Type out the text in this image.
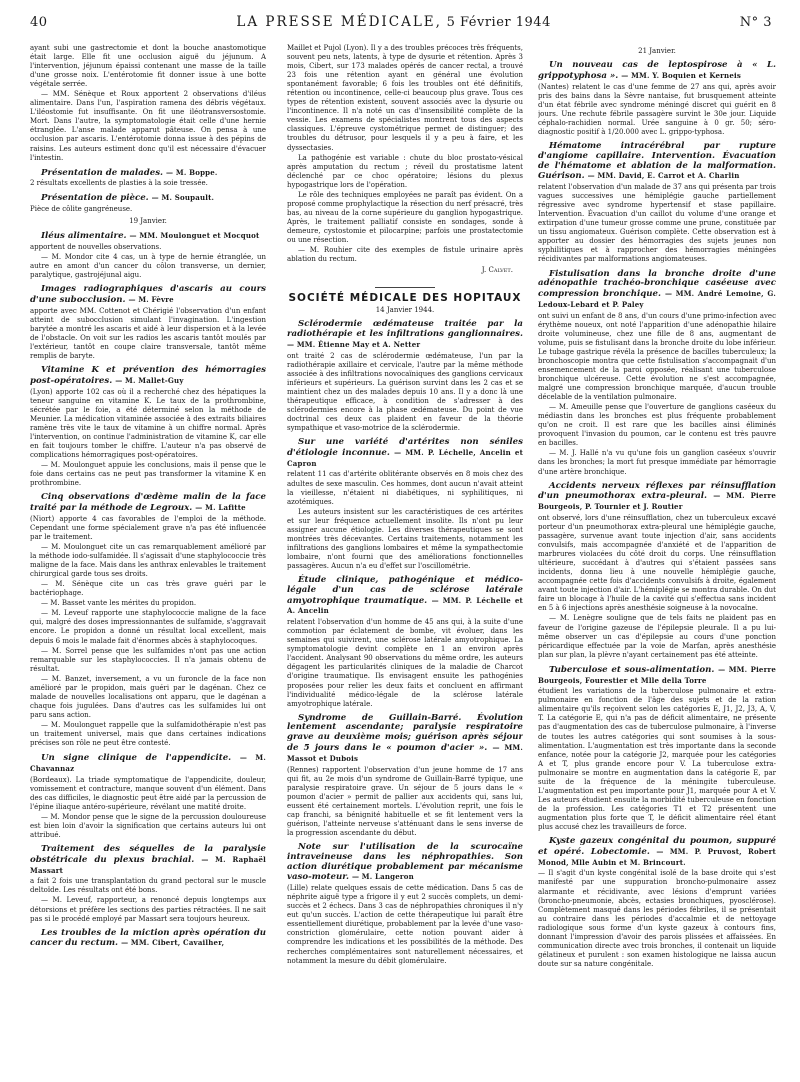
40	LA PRESSE MÉDICALE, 5 Février 1944	N° 3

ayant subi une gastrectomie et dont la bouche anastomotique était large. Elle fit une occlusion aiguë du jéjunum. A l'intervention, jéjunum épaissi contenant une masse de la taille d'une grosse noix. L'entérotomie fit donner issue à une botte végétale serrée.

— MM. Sénèque et Roux apportent 2 observations d'iléus alimentaire. Dans l'un, l'aspiration ramena des débris végétaux. L'iléostomie fut insuffisante. On fit une iléotransversostomie. Mort. Dans l'autre, la symptomatologie était celle d'une hernie étranglée. L'anse malade apparut pâteuse. On pensa à une occlusion par ascaris. L'entérotomie donna issue à des pépins de raisins. Les auteurs estiment donc qu'il est nécessaire d'évacuer l'intestin.

Présentation de malades. — M. Boppe.

2 résultats excellents de plasties à la soie tressée.

Présentation de pièce. — M. Soupault.

Pièce de côlite gangréneuse.

19 Janvier.

Iléus alimentaire. — MM. Moulonguet et Mocquot

apportent de nouvelles observations.

— M. Mondor cite 4 cas, un à type de hernie étranglée, un autre en amont d'un cancer du côlon transverse, un dernier, paralytique, gastrojéjunal aigu.

Images radiographiques d'ascaris au cours d'une subocclusion. — M. Fèvre

apporte avec MM. Cottenot et Chérigié l'observation d'un enfant atteint de subocclusion simulant l'invagination. L'ingestion barytée a montré les ascaris et aidé à leur dispersion et à la levée de l'obstacle. On voit sur les radios les ascaris tantôt moulés par l'extérieur, tantôt en coupe claire transversale, tantôt même remplis de baryte.

Vitamine K et prévention des hémorragies post-opératoires. — M. Mallet-Guy

(Lyon) apporte 102 cas où il a recherché chez des hépatiques la teneur sanguine en vitamine K. Le taux de la prothrombine, sécrétée par le foie, a été déterminé selon la méthode de Meunier. La médication vitaminée associée à des extraits biliaires ramène très vite le taux de vitamine à un chiffre normal. Après l'intervention, on continue l'administration de vitamine K, car elle en fait toujours tomber le chiffre. L'auteur n'a pas observé de complications hémorragiques post-opératoires.

— M. Moulonguet appuie les conclusions, mais il pense que le foie dans certains cas ne peut pas transformer la vitamine K en prothrombine.

Cinq observations d'œdème malin de la face traité par la méthode de Legroux. — M. Lafitte

(Niort) apporte 4 cas favorables de l'emploi de la méthode. Cependant une forme spécialement grave n'a pas été influencée par le traitement.

— M. Moulonguet cite un cas remarquablement amélioré par la méthode iodo-sulfamidée. Il s'agissait d'une staphylococcie très maligne de la face. Mais dans les anthrax enlevables le traitement chirurgical garde tous ses droits.

— M. Sénèque cite un cas très grave guéri par le bactériophage.

— M. Basset vante les mérites du propidon.

— M. Leveuf rapporte une staphylococcie maligne de la face qui, malgré des doses impressionnantes de sulfamide, s'aggravait encore. Le propidon a donné un résultat local excellent, mais depuis 6 mois le malade fait d'énormes abcès à staphylocoques.

— M. Sorrel pense que les sulfamides n'ont pas une action remarquable sur les staphylococcies. Il n'a jamais obtenu de résultat.

— M. Banzet, inversement, a vu un furoncle de la face non amélioré par le propidon, mais guéri par le dagénan. Chez ce malade de nouvelles localisations ont apparu, que le dagénan a chaque fois jugulées. Dans d'autres cas les sulfamides lui ont paru sans action.

— M. Moulonguet rappelle que la sulfamidothérapie n'est pas un traitement universel, mais que dans certaines indications précises son rôle ne peut être contesté.

Un signe clinique de l'appendicite. — M. Chavannaz

(Bordeaux). La triade symptomatique de l'appendicite, douleur, vomissement et contracture, manque souvent d'un élément. Dans des cas difficiles, le diagnostic peut être aidé par la percussion de l'épine iliaque antéro-supérieure, révélant une matité droite.

— M. Mondor pense que le signe de la percussion douloureuse est bien loin d'avoir la signification que certains auteurs lui ont attribué.

Traitement des séquelles de la paralysie obstétricale du plexus brachial. — M. Raphaël Massart

a fait 2 fois une transplantation du grand pectoral sur le muscle deltoïde. Les résultats ont été bons.

— M. Leveuf, rapporteur, a renoncé depuis longtemps aux détorsions et préfère les sections des parties rétractées. Il ne sait pas si le procédé employé par Massart sera toujours heureux.

Les troubles de la miction après opération du cancer du rectum. — MM. Cibert, Cavailher,

Maillet et Pujol (Lyon). Il y a des troubles précoces très fréquents, souvent peu nets, latents, à type de dysurie et rétention. Après 3 mois, Cibert, sur 173 malades opérés de cancer rectal, a trouvé 23 fois une rétention ayant en général une évolution spontanément favorable; 6 fois les troubles ont été définitifs, rétention ou incontinence, celle-ci beaucoup plus grave. Tous ces types de rétention existent, souvent associés avec la dysurie ou l'incontinence. Il n'a noté un cas d'insensibilité complète de la vessie. Les examens de spécialistes montrent tous des aspects classiques. L'épreuve cystométrique permet de distinguer; des troubles du détrusor, pour lesquels il y a peu à faire, et les dyssectasies.

La pathogénie est variable : chute du bloc prostato-vésical après amputation du rectum ; réveil du prostatisme latent déclenché par ce choc opératoire; lésions du plexus hypogastrique lors de l'opération.

Le rôle des techniques employées ne paraît pas évident. On a proposé comme prophylactique la résection du nerf présacré, très bas, au niveau de la corne supérieure du ganglion hypogastrique. Après, le traitement palliatif consiste en sondages, sonde à demeure, cystostomie et pilocarpine; parfois une prostatectomie ou une résection.

— M. Rouhier cite des exemples de fistule urinaire après ablation du rectum.

J. Calvet.

SOCIÉTÉ MÉDICALE DES HOPITAUX

14 Janvier 1944.

Sclérodermie œdémateuse traitée par la radiothérapie et les infiltrations ganglionnaires. — MM. Étienne May et A. Netter

ont traité 2 cas de sclérodermie œdémateuse, l'un par la radiothérapie axillaire et cervicale, l'autre par la même méthode associée à des infiltrations novocaïniques des ganglions cervicaux inférieurs et supérieurs. La guérison survint dans les 2 cas et se maintient chez un des malades depuis 10 ans. Il y a donc là une thérapeutique efficace, à condition de s'adresser à des sclérodermies encore à la phase œdémateuse. Du point de vue doctrinal ces deux cas plaident en faveur de la théorie sympathique et vaso-motrice de la sclérodermie.

Sur une variété d'artérites non séniles d'étiologie inconnue. — MM. P. Léchelle, Ancelin et Capron

relatent 11 cas d'artérite oblitérante observés en 8 mois chez des adultes de sexe masculin. Ces hommes, dont aucun n'avait atteint la vieillesse, n'étaient ni diabétiques, ni syphilitiques, ni azotémiques.

Les auteurs insistent sur les caractéristiques de ces artérites et sur leur fréquence actuellement insolite. Ils n'ont pu leur assigner aucune étiologie. Les diverses thérapeutiques se sont montrées très décevantes. Certains traitements, notamment les infiltrations des ganglions lombaires et même la sympathectomie lombaire, n'ont fourni que des améliorations fonctionnelles passagères. Aucun n'a eu d'effet sur l'oscillométrie.

Étude clinique, pathogénique et médico-légale d'un cas de sclérose latérale amyotrophique traumatique. — MM. P. Léchelle et A. Ancelin

relatent l'observation d'un homme de 45 ans qui, à la suite d'une commotion par éclatement de bombe, vit évoluer, dans les semaines qui suivirent, une sclérose latérale amyotrophique. La symptomatologie devint complète en 1 an environ après l'accident. Analysant 90 observations du même ordre, les auteurs dégagent les particularités cliniques de la maladie de Charcot d'origine traumatique. Ils envisagent ensuite les pathogénies proposées pour relier les deux faits et concluent en affirmant l'individualité médico-légale de la sclérose latérale amyotrophique latérale.

Syndrome de Guillain-Barré. Évolution lentement ascendante; paralysie respiratoire grave au deuxième mois; guérison après séjour de 5 jours dans le « poumon d'acier ». — MM. Massot et Dubois

(Rennes) rapportent l'observation d'un jeune homme de 17 ans qui fit, au 2e mois d'un syndrome de Guillain-Barré typique, une paralysie respiratoire grave. Un séjour de 5 jours dans le « poumon d'acier » permit de pallier aux accidents qui, sans lui, eussent été certainement mortels. L'évolution reprit, une fois le cap franchi, sa bénignité habituelle et se fit lentement vers la guérison, l'atteinte nerveuse s'atténuant dans le sens inverse de la progression ascendante du début.

Note sur l'utilisation de la scurocaïne intraveineuse dans les néphropathies. Son action diurétique probablement par mécanisme vaso-moteur. — M. Langeron

(Lille) relate quelques essais de cette médication. Dans 5 cas de néphrite aiguë type a frigore il y eut 2 succès complets, un demi-succès et 2 échecs. Dans 3 cas de néphropathies chroniques il n'y eut qu'un succès. L'action de cette thérapeutique lui paraît être essentiellement diurétique, probablement par la levée d'une vaso-constriction glomérulaire, cette notion pouvant aider à comprendre les indications et les possibilités de la méthode. Des recherches complémentaires sont naturellement nécessaires, et notamment la mesure du débit glomérulaire.

21 Janvier.

Un nouveau cas de leptospirose à « L. grippotyphosa ». — MM. Y. Boquien et Kerneis

(Nantes) relatent le cas d'une femme de 27 ans qui, après avoir pris des bains dans la Sèvre nantaise, fut brusquement atteinte d'un état fébrile avec syndrome méningé discret qui guérit en 8 jours. Une rechute fébrile passagère survint le 30e jour. Liquide céphalo-rachidien normal. Urée sanguine à 0 gr. 50; séro-diagnostic positif à 1/20.000 avec L. grippo-typhosa.

Hématome intracérébral par rupture d'angiome capillaire. Intervention. Évacuation de l'hématome et ablation de la malformation. Guérison. — MM. David, E. Carrot et A. Charlin

relatent l'observation d'un malade de 37 ans qui présenta par trois vagues successives une hémiplégie gauche partiellement régressive avec syndrome hypertensif et stase papillaire. Intervention. Évacuation d'un caillot du volume d'une orange et extirpation d'une tumeur grosse comme une prune, constituée par un tissu angiomateux. Guérison complète. Cette observation est à apporter au dossier des hémorragies des sujets jeunes non syphilitiques et à rapprocher des hémorragies méningées récidivantes par malformations angiomateuses.

Fistulisation dans la bronche droite d'une adénopathie trachéo-bronchique caséeuse avec compression bronchique. — MM. André Lemoine, G. Ledoux-Lebard et P. Paley

ont suivi un enfant de 8 ans, d'un cours d'une primo-infection avec érythème noueux, ont noté l'apparition d'une adénopathie hilaire droite volumineuse, chez une fille de 8 ans, augmentant de volume, puis se fistulisant dans la bronche droite du lobe inférieur. Le tubage gastrique révéla la présence de bacilles tuberculeux; la bronchoscopie montra que cette fistulisation s'accompagnait d'un ensemencement de la paroi opposée, réalisant une tuberculose bronchique ulcéreuse. Cette évolution ne s'est accompagnée, malgré une compression bronchique marquée, d'aucun trouble décelable de la ventilation pulmonaire.

— M. Ameuille pense que l'ouverture de ganglions caséeux du médiastin dans les bronches est plus fréquente probablement qu'on ne croit. Il est rare que les bacilles ainsi éliminés provoquent l'invasion du poumon, car le contenu est très pauvre en bacilles.

— M. J. Hallé n'a vu qu'une fois un ganglion caséeux s'ouvrir dans les bronches; la mort fut presque immédiate par hémorragie d'une artère bronchique.

Accidents nerveux réflexes par réinsufflation d'un pneumothorax extra-pleural. — MM. Pierre Bourgeois, P. Tournier et J. Routier

ont observé, lors d'une réinsufflation, chez un tuberculeux excavé porteur d'un pneumothorax extra-pleural une hémiplégie gauche, passagère, survenue avant toute injection d'air, sans accidents convulsifs, mais accompagnée d'anxiété et de l'apparition de marbrures violacées du côté droit du corps. Une réinsufflation ultérieure, succédant à d'autres qui s'étaient passées sans incidents, donna lieu à une nouvelle hémiplégie gauche, accompagnée cette fois d'accidents convulsifs à droite, également avant toute injection d'air. L'hémiplégie se montra durable. On dut faire un blocage à l'huile de la cavité qui s'effectua sans incident en 5 à 6 injections après anesthésie soigneuse à la novocaïne.

— M. Lenègre souligne que de tels faits ne plaident pas en faveur de l'origine gazeuse de l'épilepsie pleurale. Il a pu lui-même observer un cas d'épilepsie au cours d'une ponction péricardique effectuée par la voie de Marfan, après anesthésie plan sur plan, la plèvre n'ayant certainement pas été atteinte.

Tuberculose et sous-alimentation. — MM. Pierre Bourgeois, Fourestier et Mlle della Torre

étudient les variations de la tuberculose pulmonaire et extra-pulmonaire en fonction de l'âge des sujets et de la ration alimentaire qu'ils reçoivent selon les catégories E, J1, J2, J3, A, V, T. La catégorie E, qui n'a pas de déficit alimentaire, ne présente pas d'augmentation des cas de tuberculose pulmonaire, à l'inverse de toutes les autres catégories qui sont soumises à la sous-alimentation. L'augmentation est très importante dans la seconde enfance, notée pour la catégorie J2, marquée pour les catégories A et T, plus grande encore pour V. La tuberculose extra-pulmonaire se montre en augmentation dans la catégorie E, par suite de la fréquence de la méningite tuberculeuse. L'augmentation est peu importante pour J1, marquée pour A et V. Les auteurs étudient ensuite la morbidité tuberculeuse en fonction de la profession. Les catégories T1 et T2 présentent une augmentation plus forte que T, le déficit alimentaire réel étant plus accusé chez les travailleurs de force.

Kyste gazeux congénital du poumon, suppuré et opéré. Lobectomie. — MM. P. Pruvost, Robert Monod, Mlle Aubin et M. Brincourt.

— Il s'agit d'un kyste congénital isolé de la base droite qui s'est manifesté par une suppuration broncho-pulmonaire assez alarmante et récidivante, avec lésions d'emprunt variées (broncho-pneumonie, abcès, ectasies bronchiques, pyosclérose). Complètement masqué dans les périodes fébriles, il se présentait au contraire dans les périodes d'accalmie et de nettoyage radiologique sous forme d'un kyste gazeux à contours fins, donnant l'impression d'avoir des parois plissées et affaissées. En communication directe avec trois bronches, il contenait un liquide gélatineux et purulent : son examen histologique ne laissa aucun doute sur sa nature congénitale.
